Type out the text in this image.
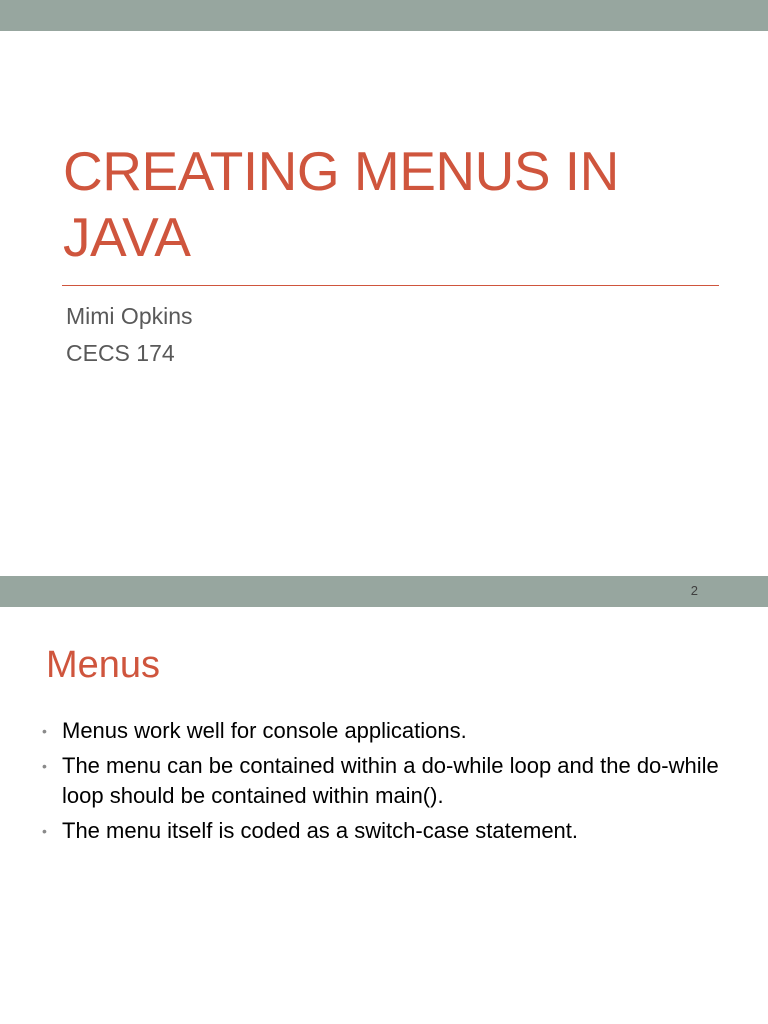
CREATING MENUS IN JAVA
Mimi Opkins
CECS 174
2
Menus
• Menus work well for console applications.
• The menu can be contained within a do-while loop and the do-while loop should be contained within main().
• The menu itself is coded as a switch-case statement.
